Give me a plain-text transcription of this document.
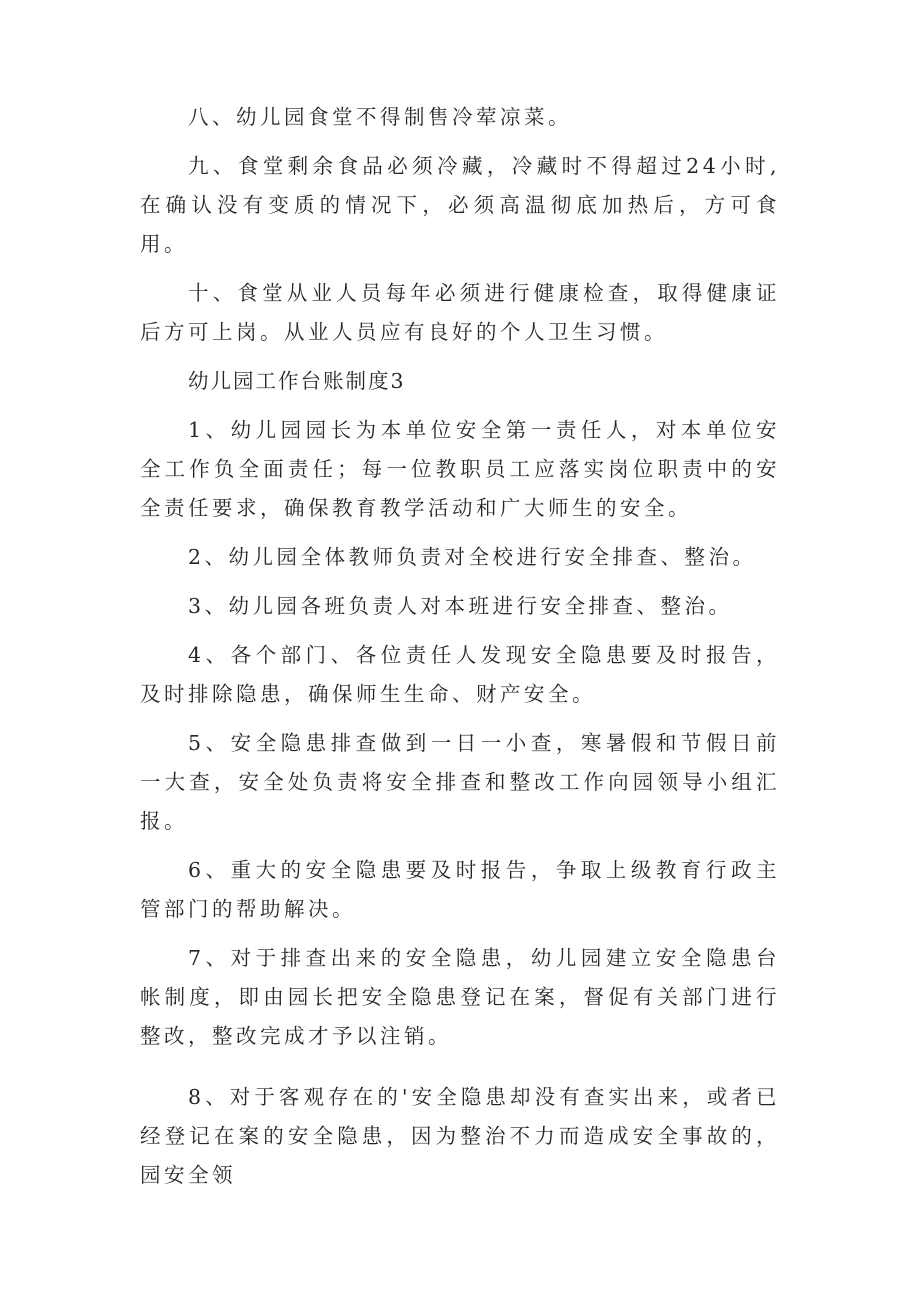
八、幼儿园食堂不得制售冷荤凉菜。

九、食堂剩余食品必须冷藏，冷藏时不得超过24小时,在确认没有变质的情况下，必须高温彻底加热后，方可食用。

十、食堂从业人员每年必须进行健康检查，取得健康证后方可上岗。从业人员应有良好的个人卫生习惯。

幼儿园工作台账制度3

1、幼儿园园长为本单位安全第一责任人，对本单位安全工作负全面责任；每一位教职员工应落实岗位职责中的安全责任要求，确保教育教学活动和广大师生的安全。

2、幼儿园全体教师负责对全校进行安全排查、整治。

3、幼儿园各班负责人对本班进行安全排查、整治。

4、各个部门、各位责任人发现安全隐患要及时报告，及时排除隐患，确保师生生命、财产安全。

5、安全隐患排查做到一日一小查，寒暑假和节假日前一大查，安全处负责将安全排查和整改工作向园领导小组汇报。

6、重大的安全隐患要及时报告，争取上级教育行政主管部门的帮助解决。

7、对于排查出来的安全隐患，幼儿园建立安全隐患台帐制度，即由园长把安全隐患登记在案，督促有关部门进行整改，整改完成才予以注销。

8、对于客观存在的'安全隐患却没有查实出来，或者已经登记在案的安全隐患，因为整治不力而造成安全事故的，园安全领
